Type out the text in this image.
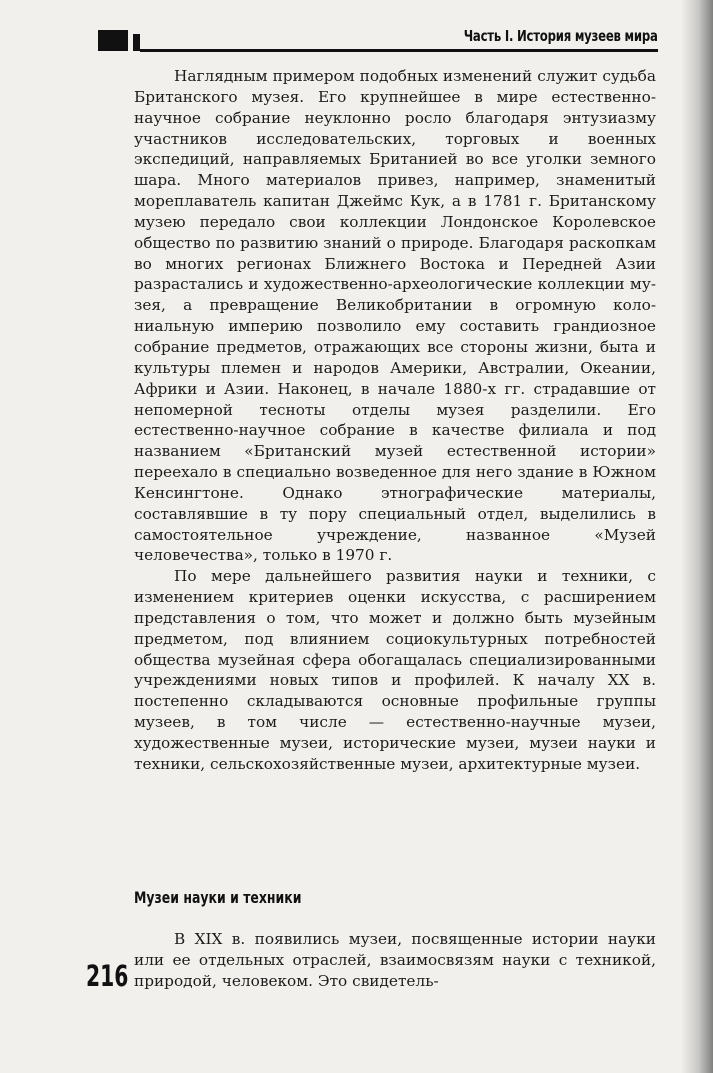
Часть I. История музеев мира

Наглядным примером подобных изменений служит судьба Британского музея. Его крупнейшее в мире естественно-научное собрание неуклонно росло благодаря энтузиазму участников исследовательских, торговых и военных экспедиций, направляемых Британией во все уголки земного шара. Много материалов привез, например, знаменитый мореплаватель капитан Джеймс Кук, а в 1781 г. Британскому музею передало свои коллекции Лондонское Королевское общество по развитию знаний о природе. Благодаря раскопкам во многих регионах Ближнего Востока и Передней Азии разрастались и художественно-археологические коллекции музея, а превращение Великобритании в огромную колониальную империю позволило ему составить грандиозное собрание предметов, отражающих все стороны жизни, быта и культуры племен и народов Америки, Австралии, Океании, Африки и Азии. Наконец, в начале 1880-х гг. страдавшие от непомерной тесноты отделы музея разделили. Его естественно-научное собрание в качестве филиала и под названием «Британский музей естественной истории» переехало в специально возведенное для него здание в Южном Кенсингтоне. Однако этнографические материалы, составлявшие в ту пору специальный отдел, выделились в самостоятельное учреждение, названное «Музей человечества», только в 1970 г.

По мере дальнейшего развития науки и техники, с изменением критериев оценки искусства, с расширением представления о том, что может и должно быть музейным предметом, под влиянием социокультурных потребностей общества музейная сфера обогащалась специализированными учреждениями новых типов и профилей. К началу XX в. постепенно складываются основные профильные группы музеев, в том числе — естественно-научные музеи, художественные музеи, исторические музеи, музеи науки и техники, сельскохозяйственные музеи, архитектурные музеи.

Музеи науки и техники

В XIX в. появились музеи, посвященные истории науки или ее отдельных отраслей, взаимосвязям науки с техникой, природой, человеком. Это свидетель-

216
